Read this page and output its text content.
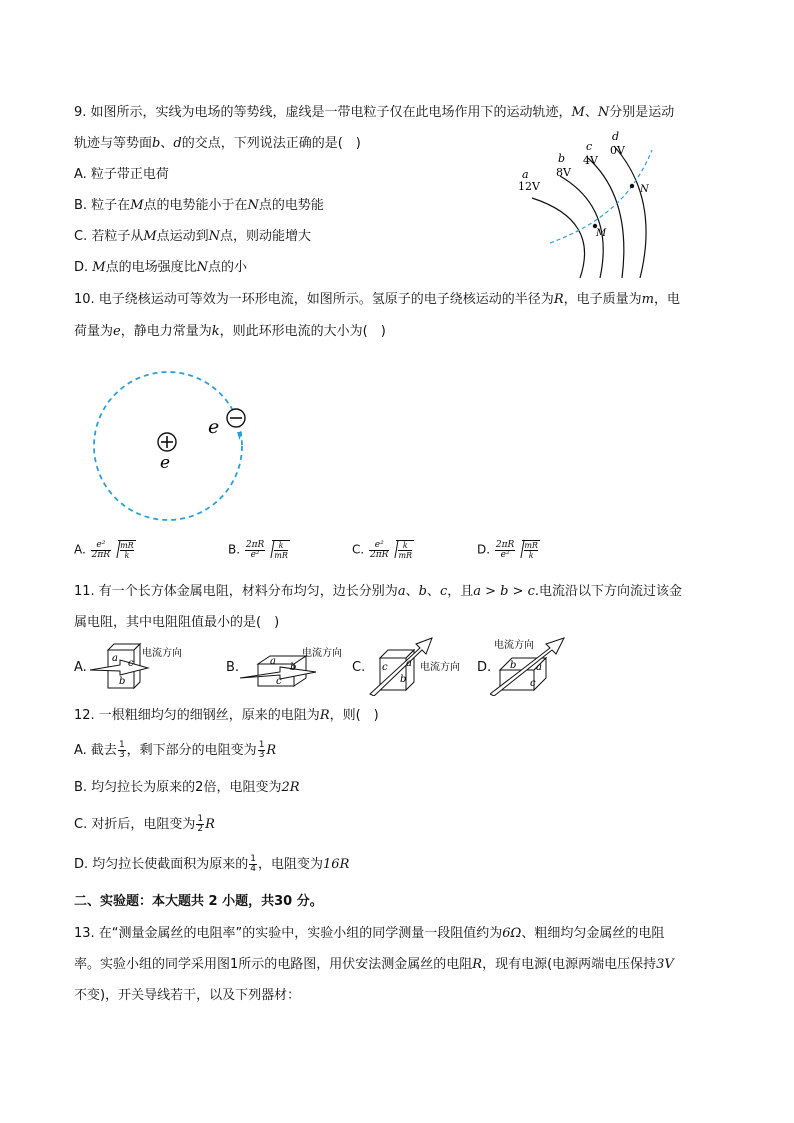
9. 如图所示，实线为电场的等势线，虚线是一带电粒子仅在此电场作用下的运动轨迹，M、N分别是运动
轨迹与等势面b、d的交点，下列说法正确的是(　)
A. 粒子带正电荷
B. 粒子在M点的电势能小于在N点的电势能
C. 若粒子从M点运动到N点，则动能增大
D. M点的电场强度比N点的小
a
12V
b
8V
c
4V
d
0V
M
N
10. 电子绕核运动可等效为一环形电流，如图所示。氢原子的电子绕核运动的半径为R，电子质量为m，电
荷量为e，静电力常量为k，则此环形电流的大小为(　)
e
e
A. $\frac{\text{e²}}{2\pi R} \frac{mR}{k}$	B. $\frac{2\pi R}{\text{e²}} \frac{k}{mR}$	C. $\frac{\text{e²}}{2\pi R} \frac{k}{mR}$	D. $\frac{2\pi R}{\text{e²}} \frac{mR}{k}$
11. 有一个长方体金属电阻，材料分布均匀，边长分别为a、b、c，且a > b > c.电流沿以下方向流过该金
属电阻，其中电阻阻值最小的是(　)
A.
a c
b
电流方向
B.	a
b
c
电流方向
C. c a
b
电流方向 D. b a
c
电流方向
12. 一根粗细均匀的细钢丝，原来的电阻为R，则(　)
A. 截去 $\frac{1}{3}$ ，剩下部分的电阻变为 $\frac{1}{3}$ R
B. 均匀拉长为原来的2倍，电阻变为2R
C. 对折后，电阻变为 $\frac{1}{2}$ R
D. 均匀拉长使截面积为原来的 $\frac{1}{4}$ ，电阻变为16R
二、实验题：本大题共 2 小题，共30 分。
13. 在“测量金属丝的电阻率”的实验中，实验小组的同学测量一段阻值约为6Ω、粗细均匀金属丝的电阻
率。实验小组的同学采用图1所示的电路图，用伏安法测金属丝的电阻R，现有电源(电源两端电压保持3V
不变)，开关导线若干，以及下列器材：
